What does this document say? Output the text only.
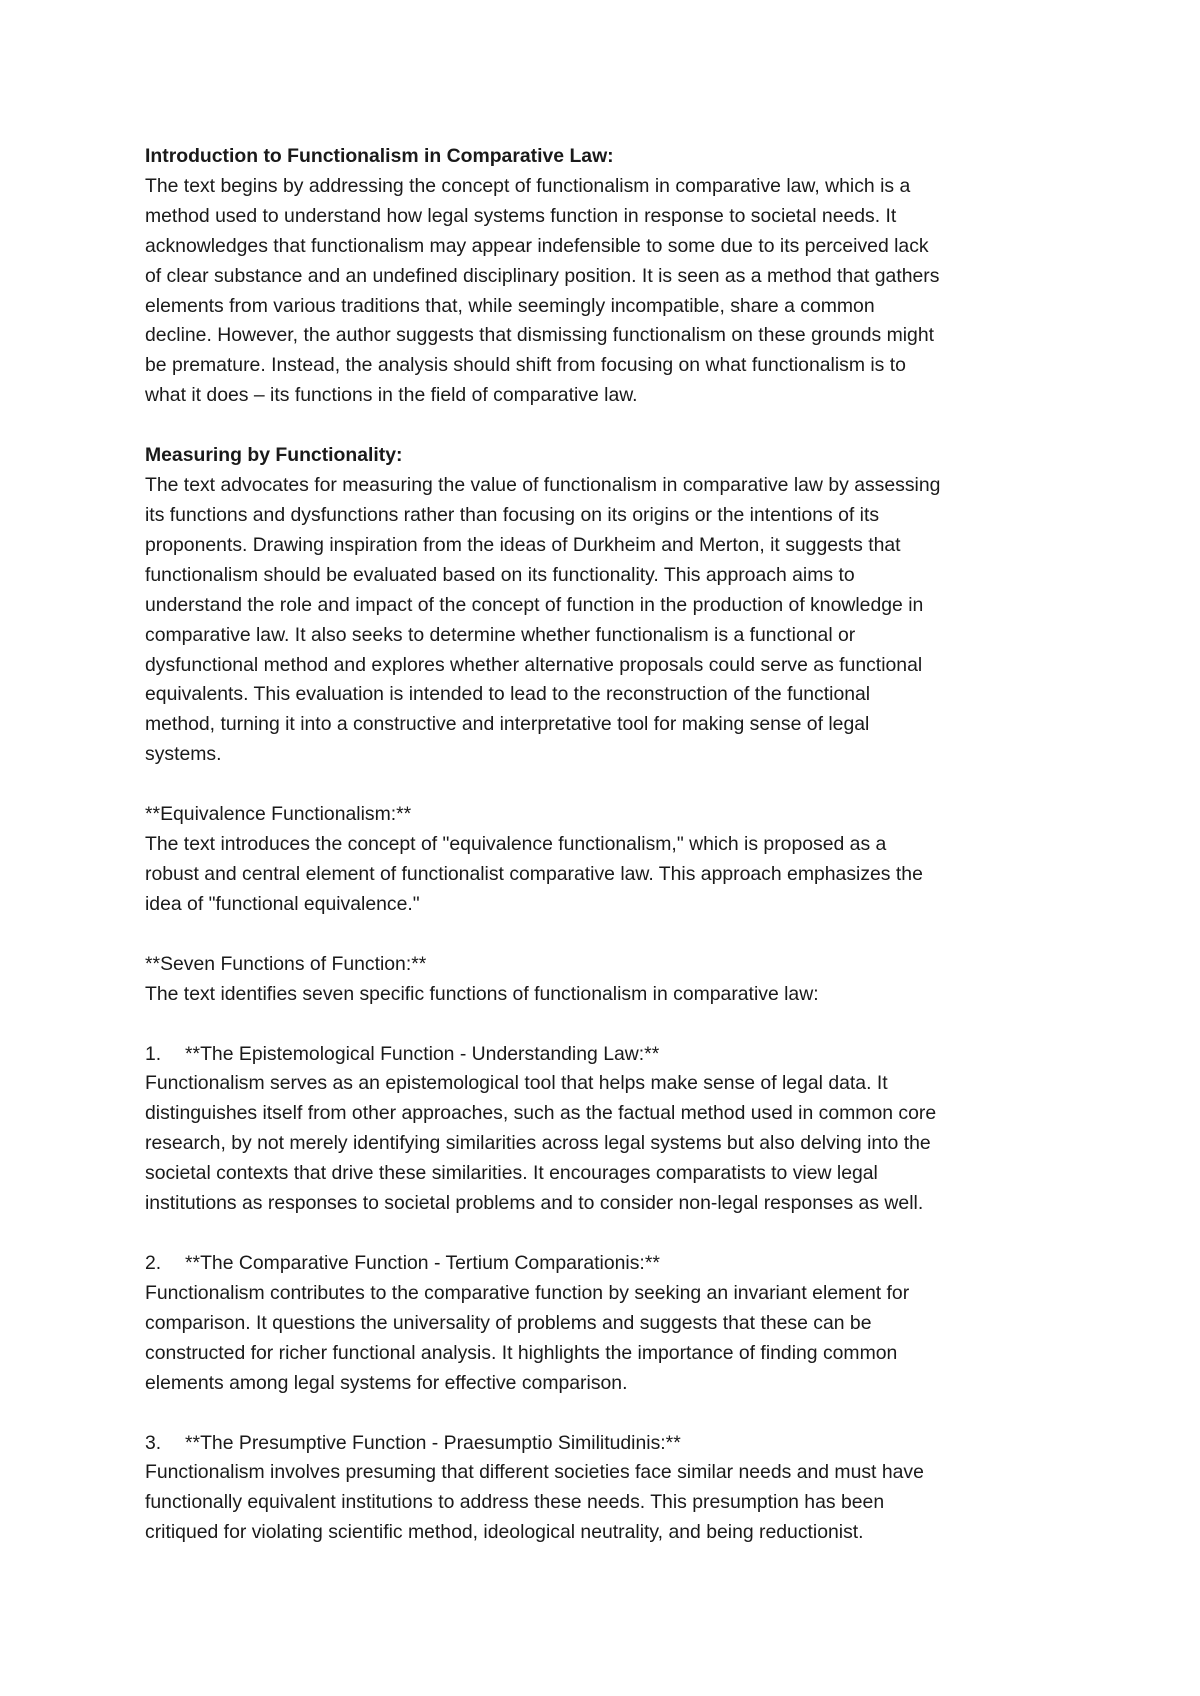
Introduction to Functionalism in Comparative Law:

The text begins by addressing the concept of functionalism in comparative law, which is a

method used to understand how legal systems function in response to societal needs. It

acknowledges that functionalism may appear indefensible to some due to its perceived lack

of clear substance and an undefined disciplinary position. It is seen as a method that gathers

elements from various traditions that, while seemingly incompatible, share a common

decline. However, the author suggests that dismissing functionalism on these grounds might

be premature. Instead, the analysis should shift from focusing on what functionalism is to

what it does – its functions in the field of comparative law.

Measuring by Functionality:

The text advocates for measuring the value of functionalism in comparative law by assessing

its functions and dysfunctions rather than focusing on its origins or the intentions of its

proponents. Drawing inspiration from the ideas of Durkheim and Merton, it suggests that

functionalism should be evaluated based on its functionality. This approach aims to

understand the role and impact of the concept of function in the production of knowledge in

comparative law. It also seeks to determine whether functionalism is a functional or

dysfunctional method and explores whether alternative proposals could serve as functional

equivalents. This evaluation is intended to lead to the reconstruction of the functional

method, turning it into a constructive and interpretative tool for making sense of legal

systems.

**Equivalence Functionalism:**

The text introduces the concept of "equivalence functionalism," which is proposed as a

robust and central element of functionalist comparative law. This approach emphasizes the

idea of "functional equivalence."

**Seven Functions of Function:**

The text identifies seven specific functions of functionalism in comparative law:

1. **The Epistemological Function - Understanding Law:**

Functionalism serves as an epistemological tool that helps make sense of legal data. It

distinguishes itself from other approaches, such as the factual method used in common core

research, by not merely identifying similarities across legal systems but also delving into the

societal contexts that drive these similarities. It encourages comparatists to view legal

institutions as responses to societal problems and to consider non-legal responses as well.

2. **The Comparative Function - Tertium Comparationis:**

Functionalism contributes to the comparative function by seeking an invariant element for

comparison. It questions the universality of problems and suggests that these can be

constructed for richer functional analysis. It highlights the importance of finding common

elements among legal systems for effective comparison.

3. **The Presumptive Function - Praesumptio Similitudinis:**

Functionalism involves presuming that different societies face similar needs and must have

functionally equivalent institutions to address these needs. This presumption has been

critiqued for violating scientific method, ideological neutrality, and being reductionist.
